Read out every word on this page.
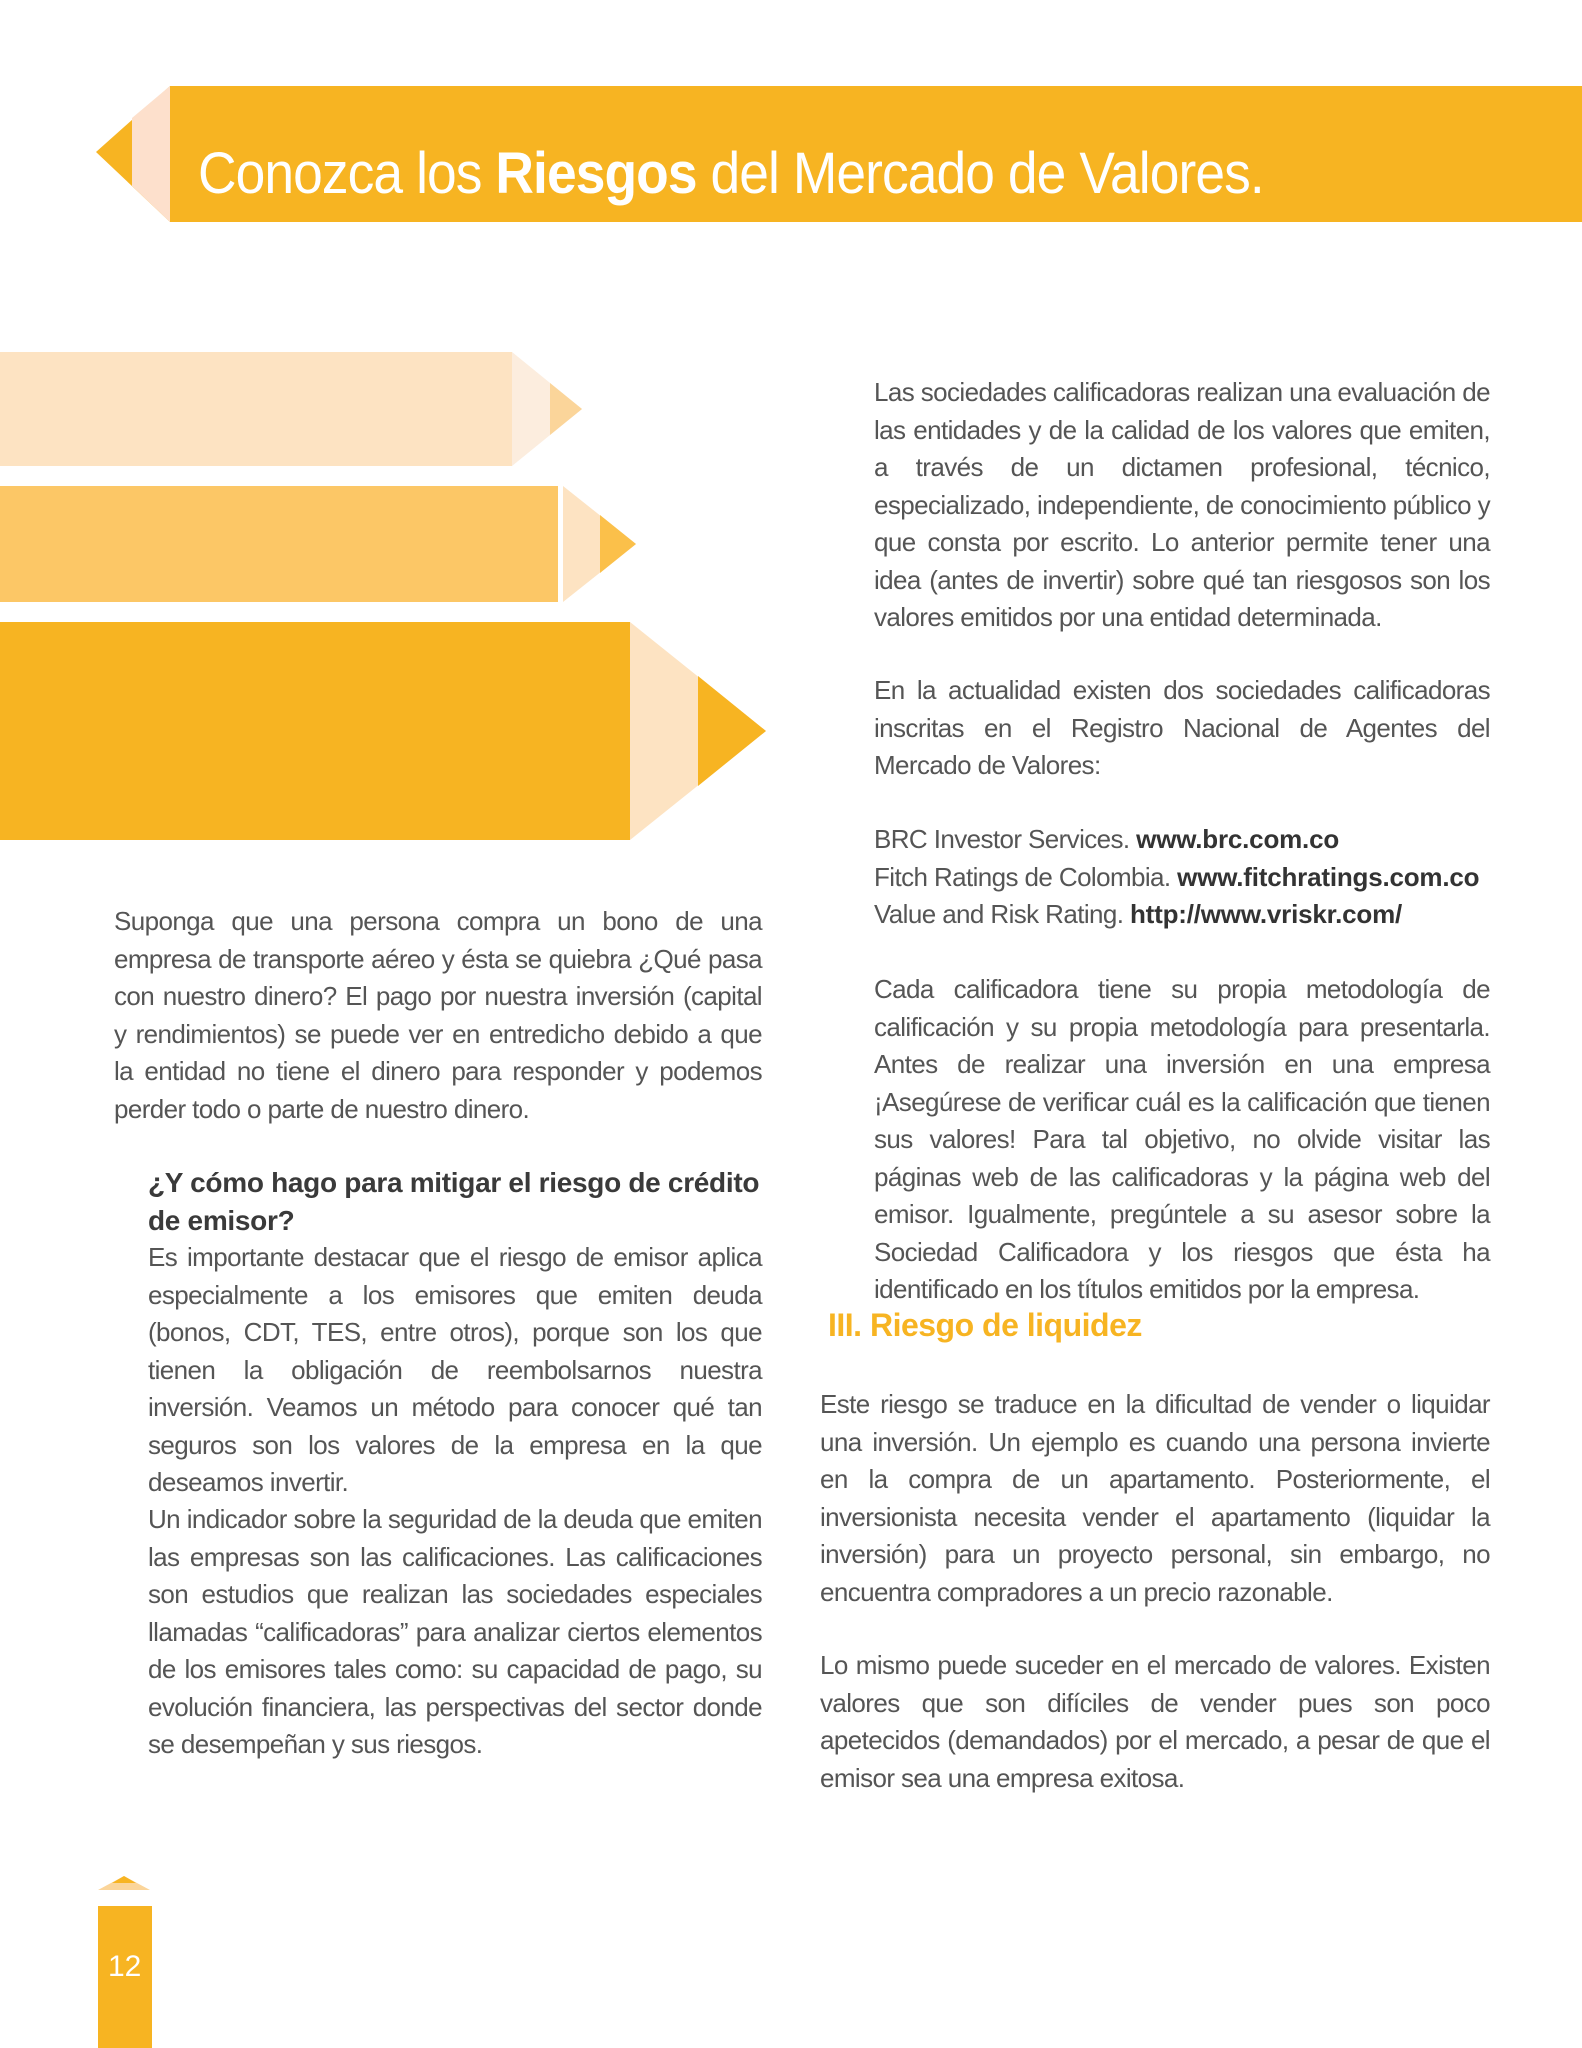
Conozca los Riesgos del Mercado de Valores.

Suponga que una persona compra un bono de una empresa de transporte aéreo y ésta se quiebra ¿Qué pasa con nuestro dinero? El pago por nuestra inversión (capital y rendimientos) se puede ver en entredicho debido a que la entidad no tiene el dinero para responder y podemos perder todo o parte de nuestro dinero.

¿Y cómo hago para mitigar el riesgo de crédito de emisor?

Es importante destacar que el riesgo de emisor aplica especialmente a los emisores que emiten deuda (bonos, CDT, TES, entre otros), porque son los que tienen la obligación de reembolsarnos nuestra inversión. Veamos un método para conocer qué tan seguros son los valores de la empresa en la que deseamos invertir.

Un indicador sobre la seguridad de la deuda que emiten las empresas son las calificaciones. Las calificaciones son estudios que realizan las sociedades especiales llamadas “calificadoras” para analizar ciertos elementos de los emisores tales como: su capacidad de pago, su evolución financiera, las perspectivas del sector donde se desempeñan y sus riesgos.

Las sociedades calificadoras realizan una evaluación de las entidades y de la calidad de los valores que emiten, a través de un dictamen profesional, técnico, especializado, independiente, de conocimiento público y que consta por escrito. Lo anterior permite tener una idea (antes de invertir) sobre qué tan riesgosos son los valores emitidos por una entidad determinada.

En la actualidad existen dos sociedades calificadoras inscritas en el Registro Nacional de Agentes del Mercado de Valores:

BRC Investor Services. www.brc.com.co
Fitch Ratings de Colombia. www.fitchratings.com.co
Value and Risk Rating. http://www.vriskr.com/

Cada calificadora tiene su propia metodología de calificación y su propia metodología para presentarla. Antes de realizar una inversión en una empresa ¡Asegúrese de verificar cuál es la calificación que tienen sus valores! Para tal objetivo, no olvide visitar las páginas web de las calificadoras y la página web del emisor. Igualmente, pregúntele a su asesor sobre la Sociedad Calificadora y los riesgos que ésta ha identificado en los títulos emitidos por la empresa.

III. Riesgo de liquidez

Este riesgo se traduce en la dificultad de vender o liquidar una inversión. Un ejemplo es cuando una persona invierte en la compra de un apartamento. Posteriormente, el inversionista necesita vender el apartamento (liquidar la inversión) para un proyecto personal, sin embargo, no encuentra compradores a un precio razonable.

Lo mismo puede suceder en el mercado de valores. Existen valores que son difíciles de vender pues son poco apetecidos (demandados) por el mercado, a pesar de que el emisor sea una empresa exitosa.

12
